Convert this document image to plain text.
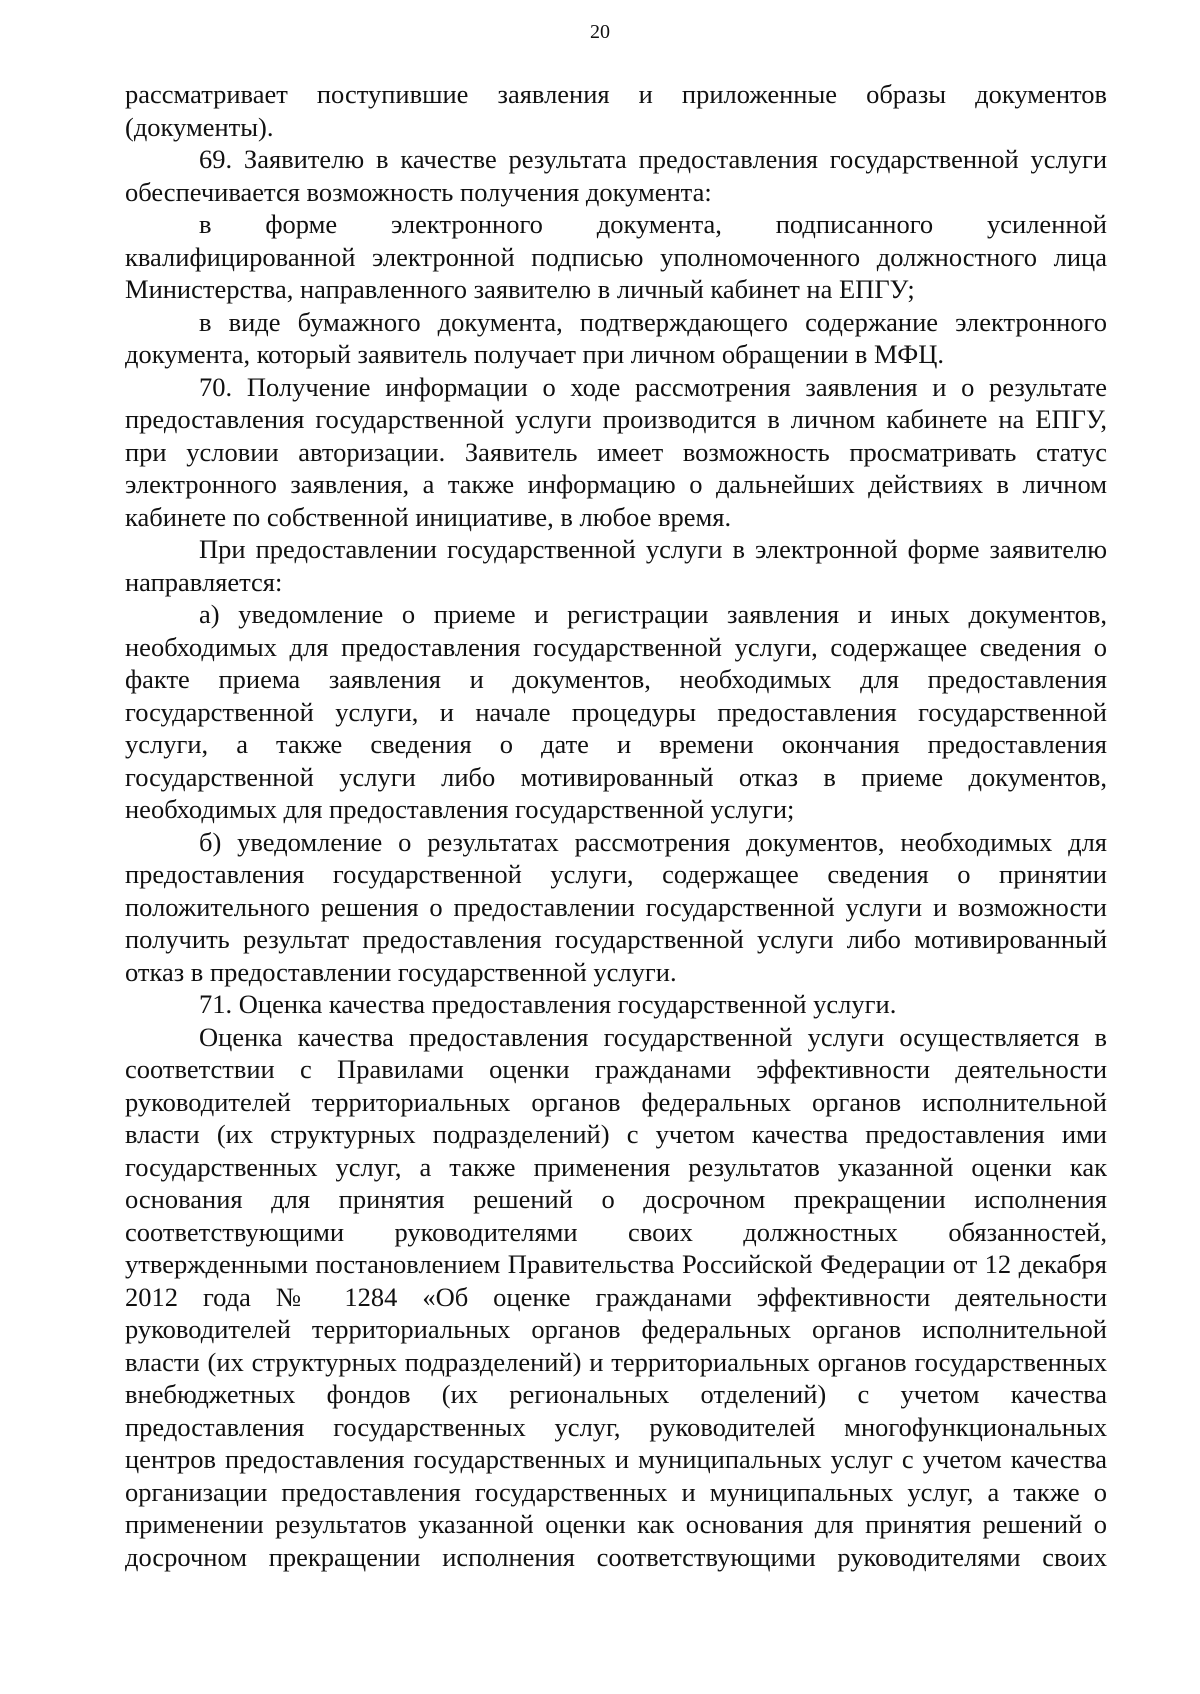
20

рассматривает поступившие заявления и приложенные образы документов (документы).

69. Заявителю в качестве результата предоставления государственной услуги обеспечивается возможность получения документа:

в форме электронного документа, подписанного усиленной квалифицированной электронной подписью уполномоченного должностного лица Министерства, направленного заявителю в личный кабинет на ЕПГУ;

в виде бумажного документа, подтверждающего содержание электронного документа, который заявитель получает при личном обращении в МФЦ.

70. Получение информации о ходе рассмотрения заявления и о результате предоставления государственной услуги производится в личном кабинете на ЕПГУ, при условии авторизации. Заявитель имеет возможность просматривать статус электронного заявления, а также информацию о дальнейших действиях в личном кабинете по собственной инициативе, в любое время.

При предоставлении государственной услуги в электронной форме заявителю направляется:

а) уведомление о приеме и регистрации заявления и иных документов, необходимых для предоставления государственной услуги, содержащее сведения о факте приема заявления и документов, необходимых для предоставления государственной услуги, и начале процедуры предоставления государственной услуги, а также сведения о дате и времени окончания предоставления государственной услуги либо мотивированный отказ в приеме документов, необходимых для предоставления государственной услуги;

б) уведомление о результатах рассмотрения документов, необходимых для предоставления государственной услуги, содержащее сведения о принятии положительного решения о предоставлении государственной услуги и возможности получить результат предоставления государственной услуги либо мотивированный отказ в предоставлении государственной услуги.

71. Оценка качества предоставления государственной услуги.

Оценка качества предоставления государственной услуги осуществляется в соответствии с Правилами оценки гражданами эффективности деятельности руководителей территориальных органов федеральных органов исполнительной власти (их структурных подразделений) с учетом качества предоставления ими государственных услуг, а также применения результатов указанной оценки как основания для принятия решений о досрочном прекращении исполнения соответствующими руководителями своих должностных обязанностей, утвержденными постановлением Правительства Российской Федерации от 12 декабря 2012 года № 1284 «Об оценке гражданами эффективности деятельности руководителей территориальных органов федеральных органов исполнительной власти (их структурных подразделений) и территориальных органов государственных внебюджетных фондов (их региональных отделений) с учетом качества предоставления государственных услуг, руководителей многофункциональных центров предоставления государственных и муниципальных услуг с учетом качества организации предоставления государственных и муниципальных услуг, а также о применении результатов указанной оценки как основания для принятия решений о досрочном прекращении исполнения соответствующими руководителями своих
